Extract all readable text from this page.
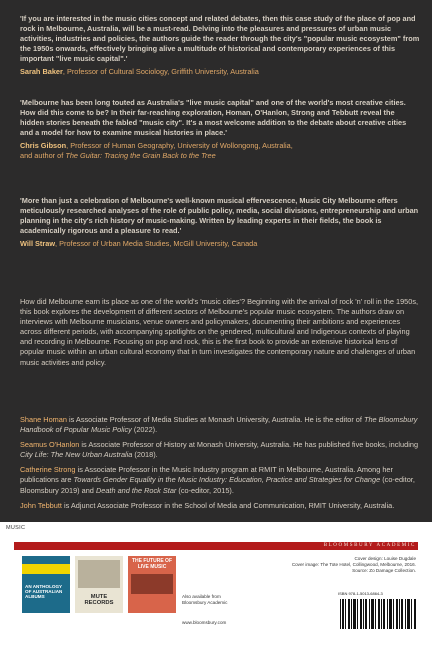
'If you are interested in the music cities concept and related debates, then this case study of the place of pop and rock in Melbourne, Australia, will be a must-read. Delving into the pleasures and pressures of urban music activities, industries and policies, the authors guide the reader through the city's "popular music ecosystem" from the 1950s onwards, effectively bringing alive a multitude of historical and contemporary experiences of this important "live music capital".'
Sarah Baker, Professor of Cultural Sociology, Griffith University, Australia
'Melbourne has been long touted as Australia's "live music capital" and one of the world's most creative cities. How did this come to be? In their far-reaching exploration, Homan, O'Hanlon, Strong and Tebbutt reveal the hidden stories beneath the fabled "music city". It's a most welcome addition to the debate about creative cities and a model for how to examine musical histories in place.'
Chris Gibson, Professor of Human Geography, University of Wollongong, Australia,
and author of The Guitar: Tracing the Grain Back to the Tree
'More than just a celebration of Melbourne's well-known musical effervescence, Music City Melbourne offers meticulously researched analyses of the role of public policy, media, social divisions, entrepreneurship and urban planning in the city's rich history of music-making. Written by leading experts in their fields, the book is academically rigorous and a pleasure to read.'
Will Straw, Professor of Urban Media Studies, McGill University, Canada
How did Melbourne earn its place as one of the world's 'music cities'? Beginning with the arrival of rock 'n' roll in the 1950s, this book explores the development of different sectors of Melbourne's popular music ecosystem. The authors draw on interviews with Melbourne musicians, venue owners and policymakers, documenting their ambitions and experiences across different periods, with accompanying spotlights on the gendered, multicultural and Indigenous contexts of playing and recording in Melbourne. Focusing on pop and rock, this is the first book to provide an extensive historical lens of popular music within an urban cultural economy that in turn investigates the contemporary nature and challenges of urban music activities and policy.
Shane Homan is Associate Professor of Media Studies at Monash University, Australia. He is the editor of The Bloomsbury Handbook of Popular Music Policy (2022).
Seamus O'Hanlon is Associate Professor of History at Monash University, Australia. He has published five books, including City Life: The New Urban Australia (2018).
Catherine Strong is Associate Professor in the Music Industry program at RMIT in Melbourne, Australia. Among her publications are Towards Gender Equality in the Music Industry: Education, Practice and Strategies for Change (co-editor, Bloomsbury 2019) and Death and the Rock Star (co-editor, 2015).
John Tebbutt is Adjunct Associate Professor in the School of Media and Communication, RMIT University, Australia.
MUSIC
BLOOMSBURY ACADEMIC
AN ANTHOLOGY OF AUSTRALIAN ALBUMS	MUTE RECORDS
THE FUTURE OF LIVE MUSIC
Also available from
Bloomsbury Academic
www.bloomsbury.com
Cover design: Louise Dugdale
Cover image: The Tote Hotel, Collingwood, Melbourne, 2016.
Source: Zo Damage Collection.
ISBN 978-1-5013-6864-3
